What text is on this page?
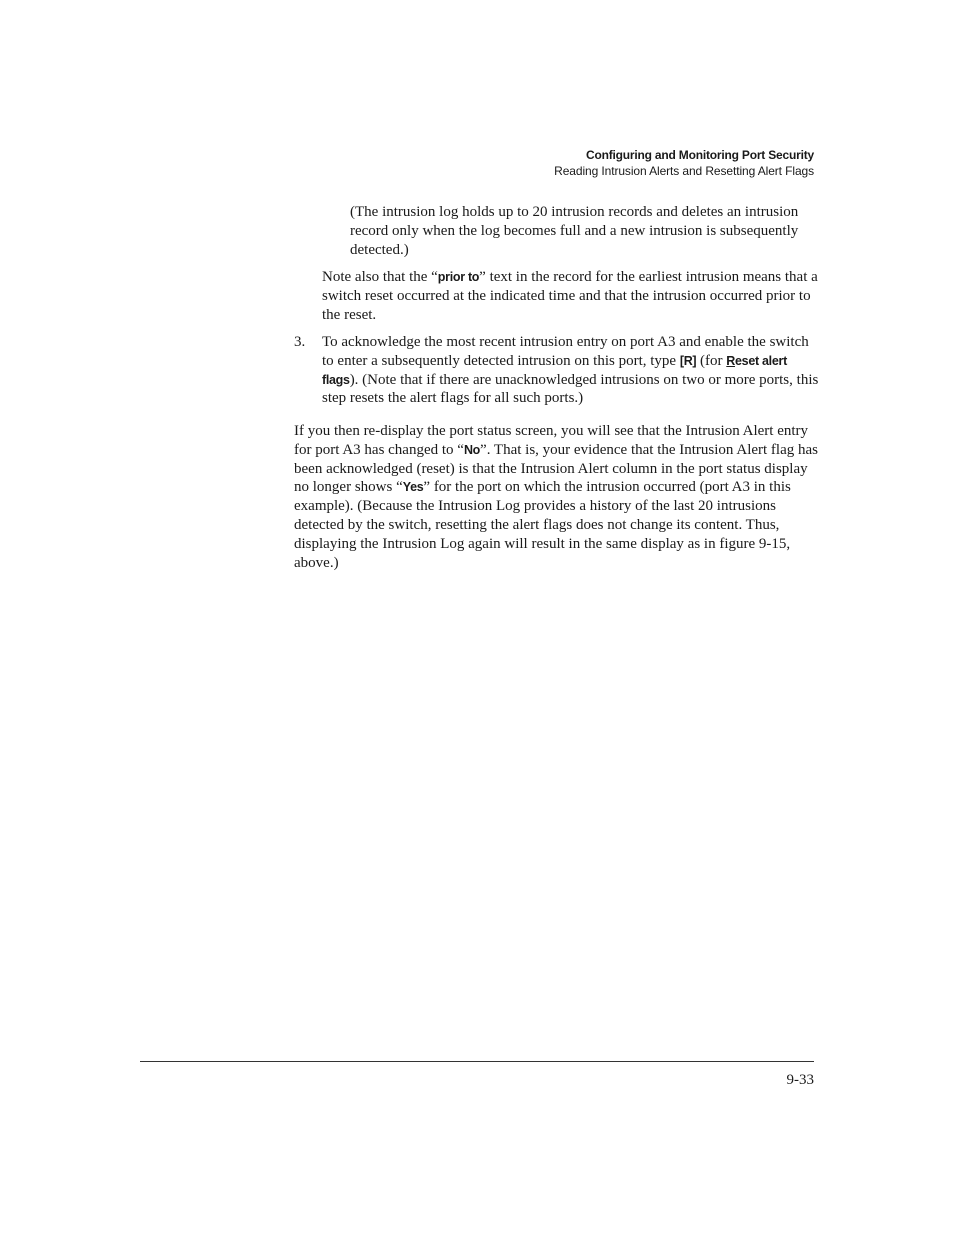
Configuring and Monitoring Port Security
Reading Intrusion Alerts and Resetting Alert Flags

(The intrusion log holds up to 20 intrusion records and deletes an intrusion record only when the log becomes full and a new intrusion is subsequently detected.)

Note also that the “prior to” text in the record for the earliest intrusion means that a switch reset occurred at the indicated time and that the intrusion occurred prior to the reset.

3. To acknowledge the most recent intrusion entry on port A3 and enable the switch to enter a subsequently detected intrusion on this port, type [R] (for Reset alert flags). (Note that if there are unacknowledged intrusions on two or more ports, this step resets the alert flags for all such ports.)

If you then re-display the port status screen, you will see that the Intrusion Alert entry for port A3 has changed to “No”. That is, your evidence that the Intrusion Alert flag has been acknowledged (reset) is that the Intrusion Alert column in the port status display no longer shows “Yes” for the port on which the intrusion occurred (port A3 in this example). (Because the Intrusion Log provides a history of the last 20 intrusions detected by the switch, resetting the alert flags does not change its content. Thus, displaying the Intrusion Log again will result in the same display as in figure 9-15, above.)

9-33
